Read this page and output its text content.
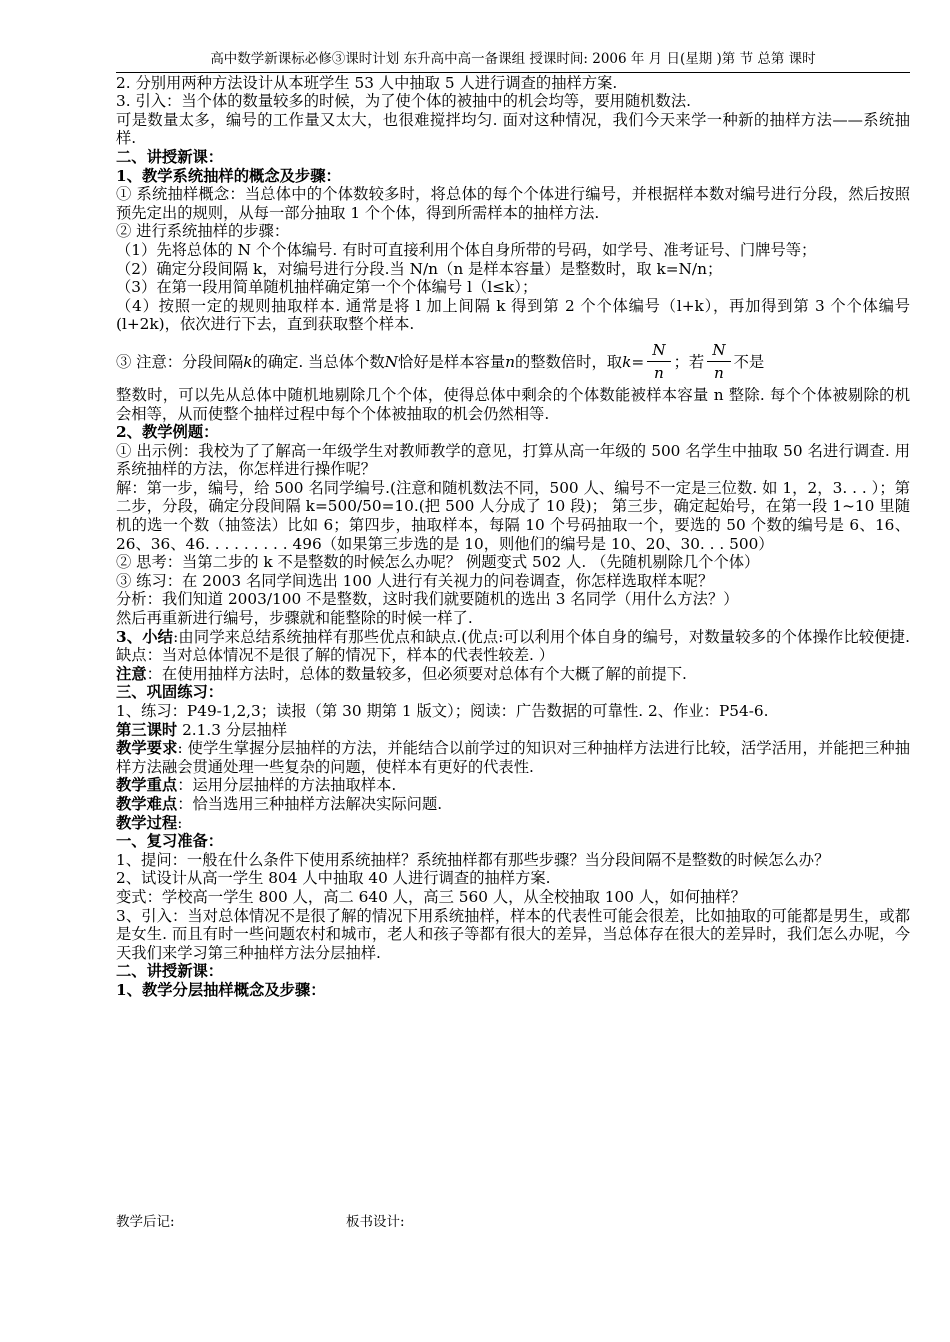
高中数学新课标必修③课时计划 东升高中高一备课组 授课时间: 2006 年 月 日(星期 )第 节 总第 课时

2. 分别用两种方法设计从本班学生 53 人中抽取 5 人进行调查的抽样方案.

3. 引入：当个体的数量较多的时候，为了使个体的被抽中的机会均等，要用随机数法.

可是数量太多，编号的工作量又太大，也很难搅拌均匀. 面对这种情况，我们今天来学一种新的抽样方法——系统抽样.

二、讲授新课：

1、教学系统抽样的概念及步骤：

① 系统抽样概念：当总体中的个体数较多时，将总体的每个个体进行编号，并根据样本数对编号进行分段，然后按照预先定出的规则，从每一部分抽取 1 个个体，得到所需样本的抽样方法.

② 进行系统抽样的步骤：

（1）先将总体的 N 个个体编号. 有时可直接利用个体自身所带的号码，如学号、准考证号、门牌号等；

（2）确定分段间隔 k，对编号进行分段.当 N/n（n 是样本容量）是整数时，取 k=N/n；

（3）在第一段用简单随机抽样确定第一个个体编号 l（l≤k）；

（4）按照一定的规则抽取样本. 通常是将 l 加上间隔 k 得到第 2 个个体编号（l+k），再加得到第 3 个个体编号(l+2k)，依次进行下去，直到获取整个样本.

③ 注意：分段间隔 k 的确定. 当总体个数 N 恰好是样本容量 n 的整数倍时，取 $k = \frac{N}{n}$ ；若 $\frac{N}{n}$ 不是

整数时，可以先从总体中随机地剔除几个个体，使得总体中剩余的个体数能被样本容量 n 整除. 每个个体被剔除的机会相等，从而使整个抽样过程中每个个体被抽取的机会仍然相等.

2、教学例题：

① 出示例：我校为了了解高一年级学生对教师教学的意见，打算从高一年级的 500 名学生中抽取 50 名进行调查. 用系统抽样的方法，你怎样进行操作呢？

解：第一步，编号，给 500 名同学编号.(注意和随机数法不同，500 人、编号不一定是三位数. 如 1，2，3. . . ）；第二步，分段，确定分段间隔 k=500/50=10.(把 500 人分成了 10 段)； 第三步，确定起始号，在第一段 1~10 里随机的选一个数（抽签法）比如 6；第四步，抽取样本，每隔 10 个号码抽取一个，要选的 50 个数的编号是 6、16、26、36、46. . . . . . . . . 496（如果第三步选的是 10，则他们的编号是 10、20、30. . . 500）

② 思考：当第二步的 k 不是整数的时候怎么办呢？ 例题变式 502 人. （先随机剔除几个个体）

③ 练习：在 2003 名同学间选出 100 人进行有关视力的问卷调查，你怎样选取样本呢？

分析：我们知道 2003/100 不是整数，这时我们就要随机的选出 3 名同学（用什么方法？）

然后再重新进行编号，步骤就和能整除的时候一样了.

3、小结:由同学来总结系统抽样有那些优点和缺点.(优点:可以利用个体自身的编号，对数量较多的个体操作比较便捷. 缺点：当对总体情况不是很了解的情况下，样本的代表性较差. ）

注意：在使用抽样方法时，总体的数量较多，但必须要对总体有个大概了解的前提下.

三、巩固练习：

1、练习：P49-1,2,3；读报（第 30 期第 1 版文）；阅读：广告数据的可靠性. 2、作业：P54-6.

第三课时 2.1.3 分层抽样

教学要求: 使学生掌握分层抽样的方法，并能结合以前学过的知识对三种抽样方法进行比较，活学活用，并能把三种抽样方法融会贯通处理一些复杂的问题，使样本有更好的代表性.

教学重点：运用分层抽样的方法抽取样本.

教学难点：恰当选用三种抽样方法解决实际问题.

教学过程:

一、复习准备：

1、提问：一般在什么条件下使用系统抽样？系统抽样都有那些步骤？当分段间隔不是整数的时候怎么办？

2、试设计从高一学生 804 人中抽取 40 人进行调查的抽样方案.

变式：学校高一学生 800 人，高二 640 人，高三 560 人，从全校抽取 100 人，如何抽样？

3、引入：当对总体情况不是很了解的情况下用系统抽样，样本的代表性可能会很差，比如抽取的可能都是男生，或都是女生. 而且有时一些问题农村和城市，老人和孩子等都有很大的差异，当总体存在很大的差异时，我们怎么办呢，今天我们来学习第三种抽样方法分层抽样.

二、讲授新课：

1、教学分层抽样概念及步骤：

教学后记:	板书设计:
